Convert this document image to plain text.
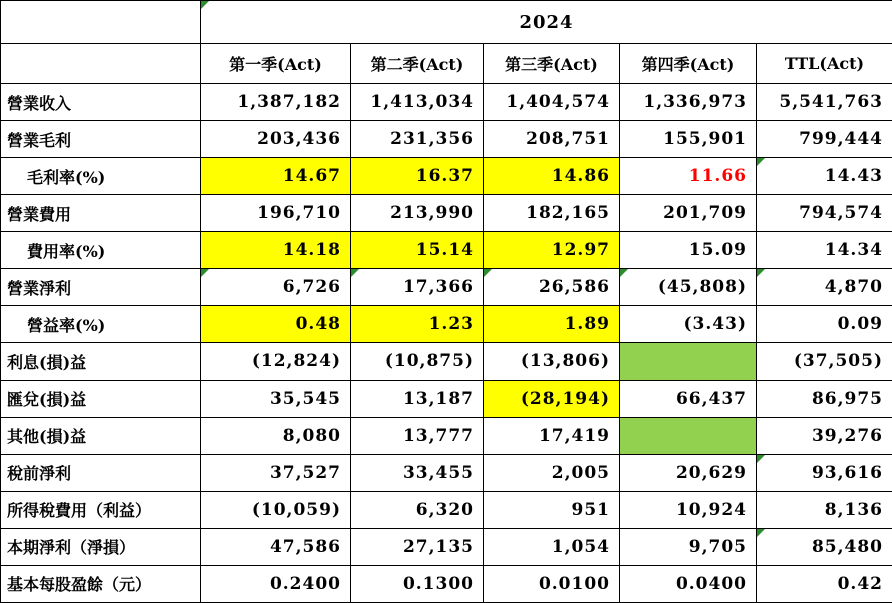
	2024				

	第一季(Act)	第二季(Act)	第三季(Act)	第四季(Act)	TTL(Act)
營業收入	1,387,182	1,413,034	1,404,574	1,336,973	5,541,763
營業毛利	203,436	231,356	208,751	155,901	799,444
毛利率(%)	14.67	16.37	14.86	11.66	14.43

營業費用	196,710	213,990	182,165	201,709	794,574
費用率(%)	14.18	15.14	12.97	15.09	14.34
營業淨利	6,726	17,366	26,586	(45,808)	4,870

營益率(%)	0.48	1.23	1.89	(3.43)	0.09
利息(損)益	(12,824)	(10,875)	(13,806)		(37,505)
匯兌(損)益	35,545	13,187	(28,194)	66,437	86,975
其他(損)益	8,080	13,777	17,419		39,276
稅前淨利	37,527	33,455	2,005	20,629	93,616

所得稅費用（利益）	(10,059)	6,320	951	10,924	8,136
本期淨利（淨損）	47,586	27,135	1,054	9,705	85,480

基本每股盈餘（元）	0.2400	0.1300	0.0100	0.0400	0.42
